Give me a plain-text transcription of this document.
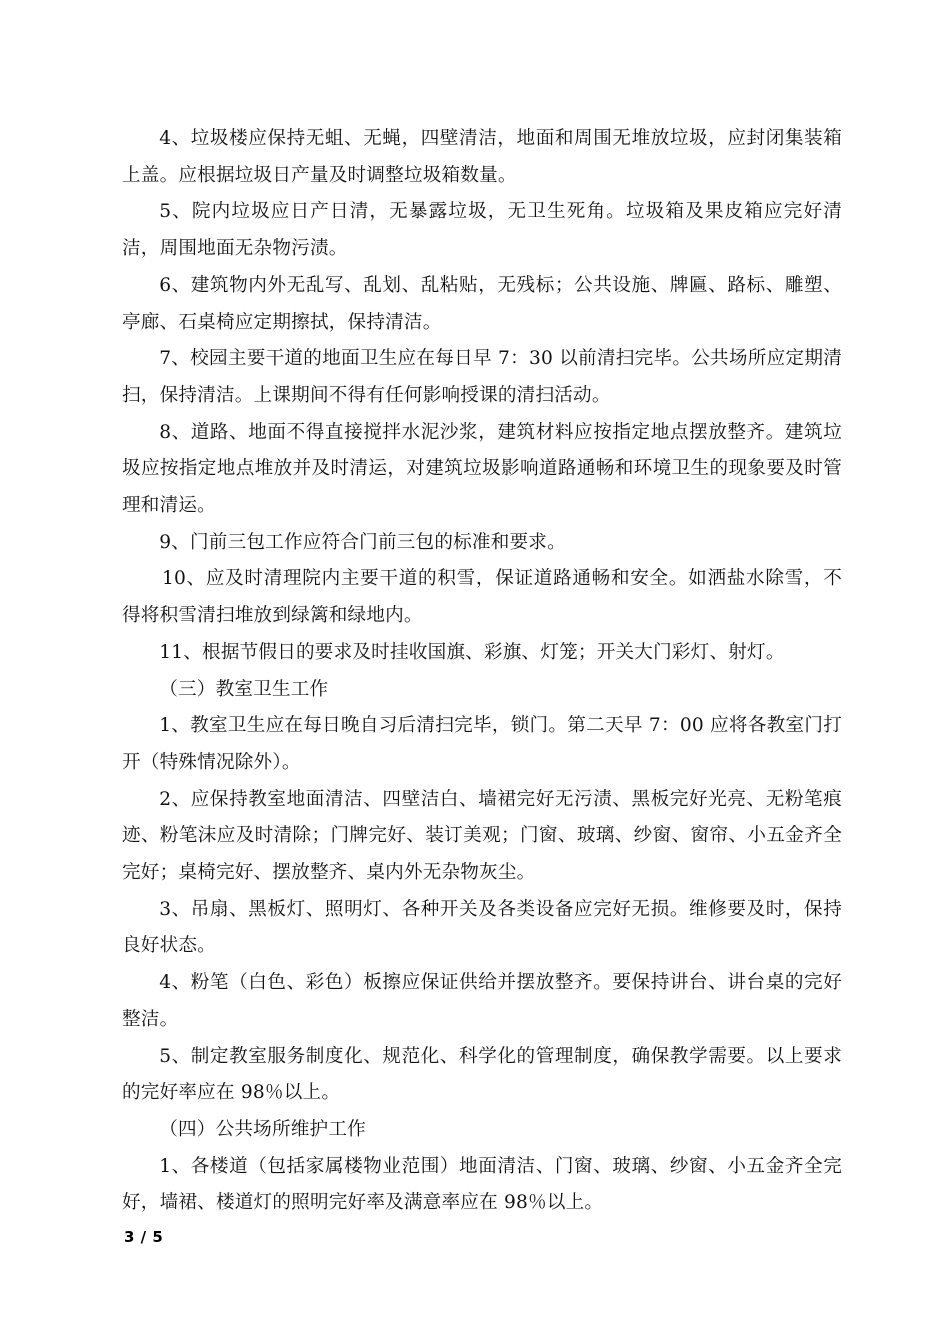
4、垃圾楼应保持无蛆、无蝇，四壁清洁，地面和周围无堆放垃圾，应封闭集装箱上盖。应根据垃圾日产量及时调整垃圾箱数量。

5、院内垃圾应日产日清，无暴露垃圾，无卫生死角。垃圾箱及果皮箱应完好清洁，周围地面无杂物污渍。

6、建筑物内外无乱写、乱划、乱粘贴，无残标；公共设施、牌匾、路标、雕塑、亭廊、石桌椅应定期擦拭，保持清洁。

7、校园主要干道的地面卫生应在每日早 7：30 以前清扫完毕。公共场所应定期清扫，保持清洁。上课期间不得有任何影响授课的清扫活动。

8、道路、地面不得直接搅拌水泥沙浆，建筑材料应按指定地点摆放整齐。建筑垃圾应按指定地点堆放并及时清运，对建筑垃圾影响道路通畅和环境卫生的现象要及时管理和清运。

9、门前三包工作应符合门前三包的标准和要求。

10、应及时清理院内主要干道的积雪，保证道路通畅和安全。如洒盐水除雪，不得将积雪清扫堆放到绿篱和绿地内。

11、根据节假日的要求及时挂收国旗、彩旗、灯笼；开关大门彩灯、射灯。

（三）教室卫生工作

1、教室卫生应在每日晚自习后清扫完毕，锁门。第二天早 7：00 应将各教室门打开（特殊情况除外）。

2、应保持教室地面清洁、四壁洁白、墙裙完好无污渍、黑板完好光亮、无粉笔痕迹、粉笔沫应及时清除；门牌完好、装订美观；门窗、玻璃、纱窗、窗帘、小五金齐全完好；桌椅完好、摆放整齐、桌内外无杂物灰尘。

3、吊扇、黑板灯、照明灯、各种开关及各类设备应完好无损。维修要及时，保持良好状态。

4、粉笔（白色、彩色）板擦应保证供给并摆放整齐。要保持讲台、讲台桌的完好整洁。

5、制定教室服务制度化、规范化、科学化的管理制度，确保教学需要。以上要求的完好率应在 98％以上。

（四）公共场所维护工作

1、各楼道（包括家属楼物业范围）地面清洁、门窗、玻璃、纱窗、小五金齐全完好，墙裙、楼道灯的照明完好率及满意率应在 98％以上。

3 / 5
